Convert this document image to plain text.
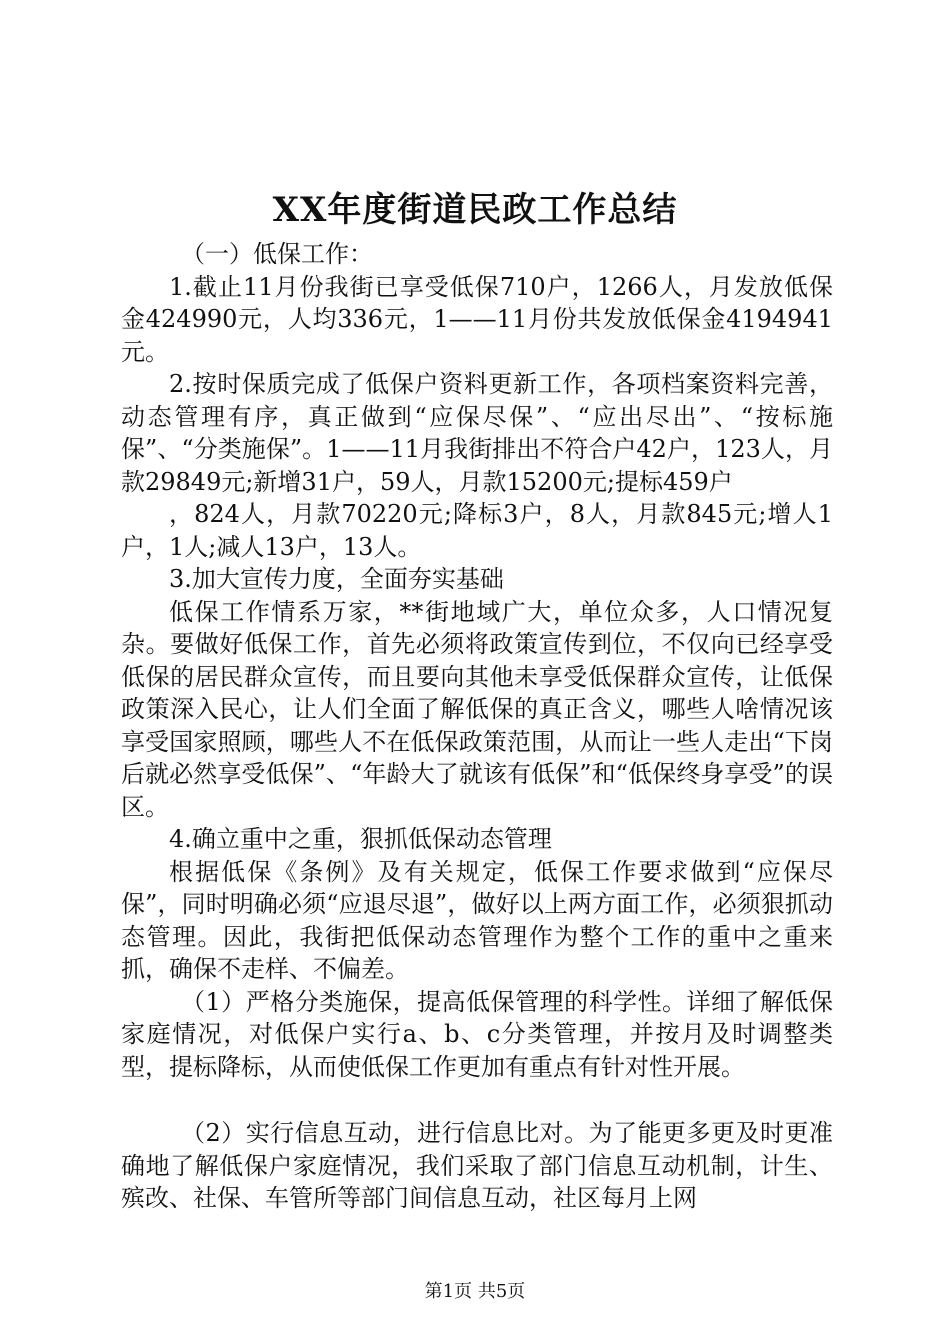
XX年度街道民政工作总结

（一）低保工作：

1.截止11月份我街已享受低保710户，1266人，月发放低保金424990元，人均336元，1——11月份共发放低保金4194941元。

2.按时保质完成了低保户资料更新工作，各项档案资料完善，动态管理有序，真正做到“应保尽保”、“应出尽出”、“按标施保”、“分类施保”。1——11月我街排出不符合户42户，123人，月款29849元;新增31户，59人，月款15200元;提标459户

，824人，月款70220元;降标3户，8人，月款845元;增人1户，1人;减人13户，13人。

3.加大宣传力度，全面夯实基础

低保工作情系万家，**街地域广大，单位众多，人口情况复杂。要做好低保工作，首先必须将政策宣传到位，不仅向已经享受低保的居民群众宣传，而且要向其他未享受低保群众宣传，让低保政策深入民心，让人们全面了解低保的真正含义，哪些人啥情况该享受国家照顾，哪些人不在低保政策范围，从而让一些人走出“下岗后就必然享受低保”、“年龄大了就该有低保”和“低保终身享受”的误区。

4.确立重中之重，狠抓低保动态管理

根据低保《条例》及有关规定，低保工作要求做到“应保尽保”，同时明确必须“应退尽退”，做好以上两方面工作，必须狠抓动态管理。因此，我街把低保动态管理作为整个工作的重中之重来抓，确保不走样、不偏差。

（1）严格分类施保，提高低保管理的科学性。详细了解低保家庭情况，对低保户实行a、b、c分类管理，并按月及时调整类型，提标降标，从而使低保工作更加有重点有针对性开展。

（2）实行信息互动，进行信息比对。为了能更多更及时更准确地了解低保户家庭情况，我们采取了部门信息互动机制，计生、殡改、社保、车管所等部门间信息互动，社区每月上网

第1页 共5页
